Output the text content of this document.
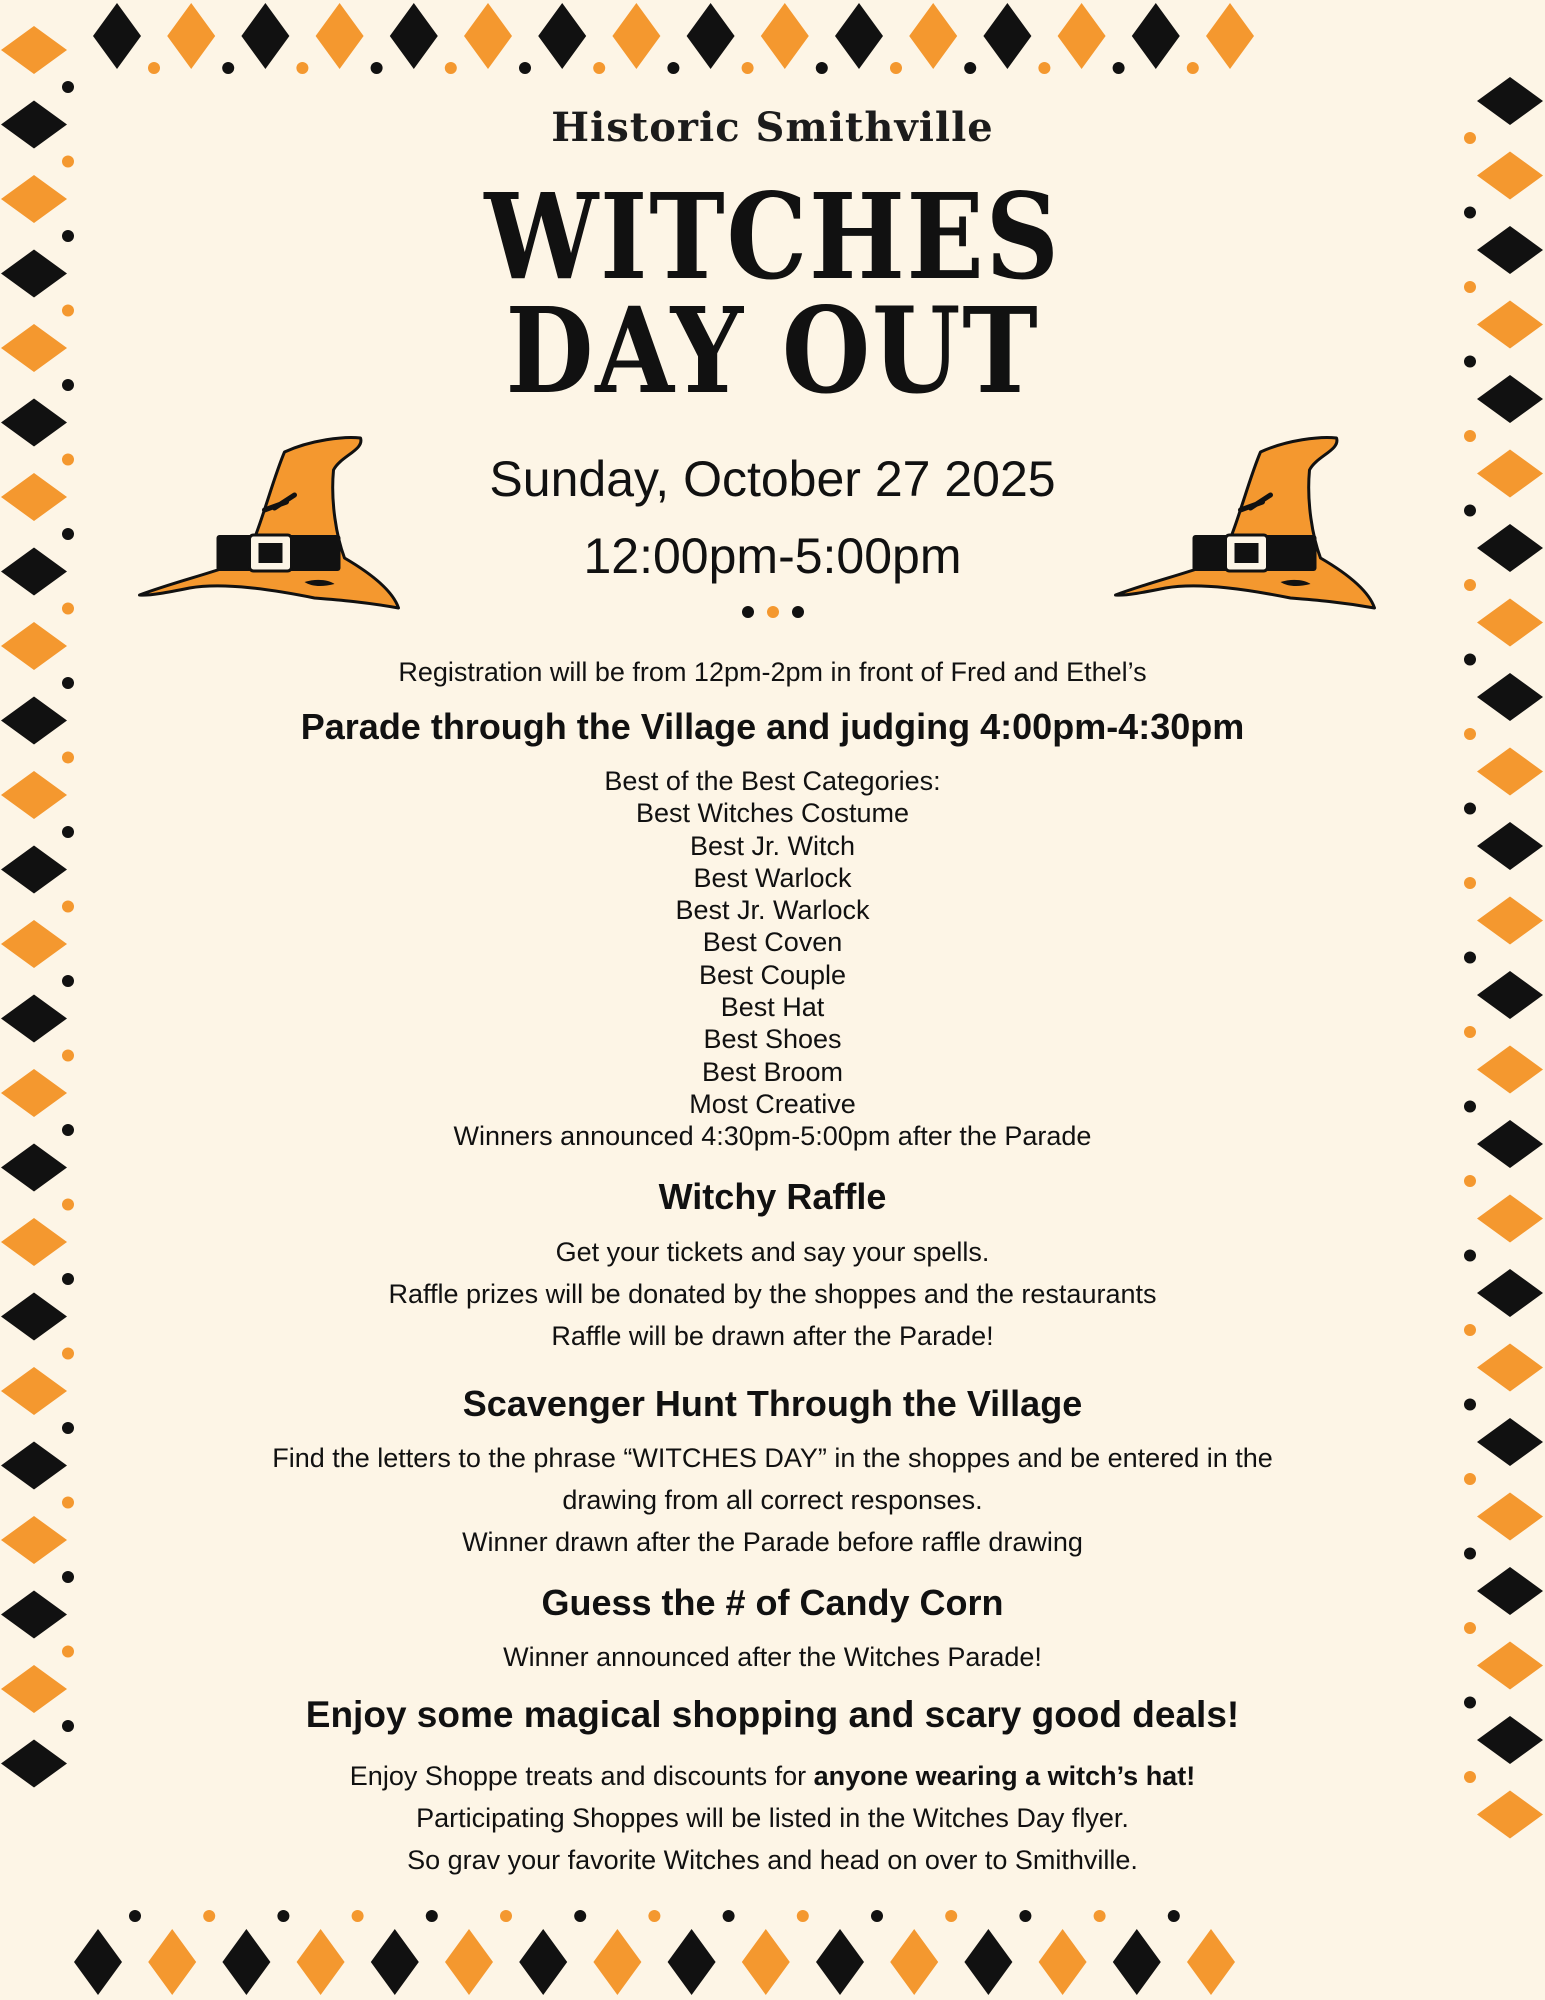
Historic Smithville

WITCHES

DAY OUT

Sunday, October 27 2025

12:00pm-5:00pm

Registration will be from 12pm-2pm in front of Fred and Ethel’s

Parade through the Village and judging 4:00pm-4:30pm

Best of the Best Categories:
Best Witches Costume
Best Jr. Witch
Best Warlock
Best Jr. Warlock
Best Coven
Best Couple
Best Hat
Best Shoes
Best Broom
Most Creative
Winners announced 4:30pm-5:00pm after the Parade

Witchy Raffle

Get your tickets and say your spells.
Raffle prizes will be donated by the shoppes and the restaurants
Raffle will be drawn after the Parade!

Scavenger Hunt Through the Village

Find the letters to the phrase “WITCHES DAY” in the shoppes and be entered in the
drawing from all correct responses.
Winner drawn after the Parade before raffle drawing

Guess the # of Candy Corn

Winner announced after the Witches Parade!

Enjoy some magical shopping and scary good deals!

Enjoy Shoppe treats and discounts for anyone wearing a witch’s hat!
Participating Shoppes will be listed in the Witches Day flyer.
So grav your favorite Witches and head on over to Smithville.
